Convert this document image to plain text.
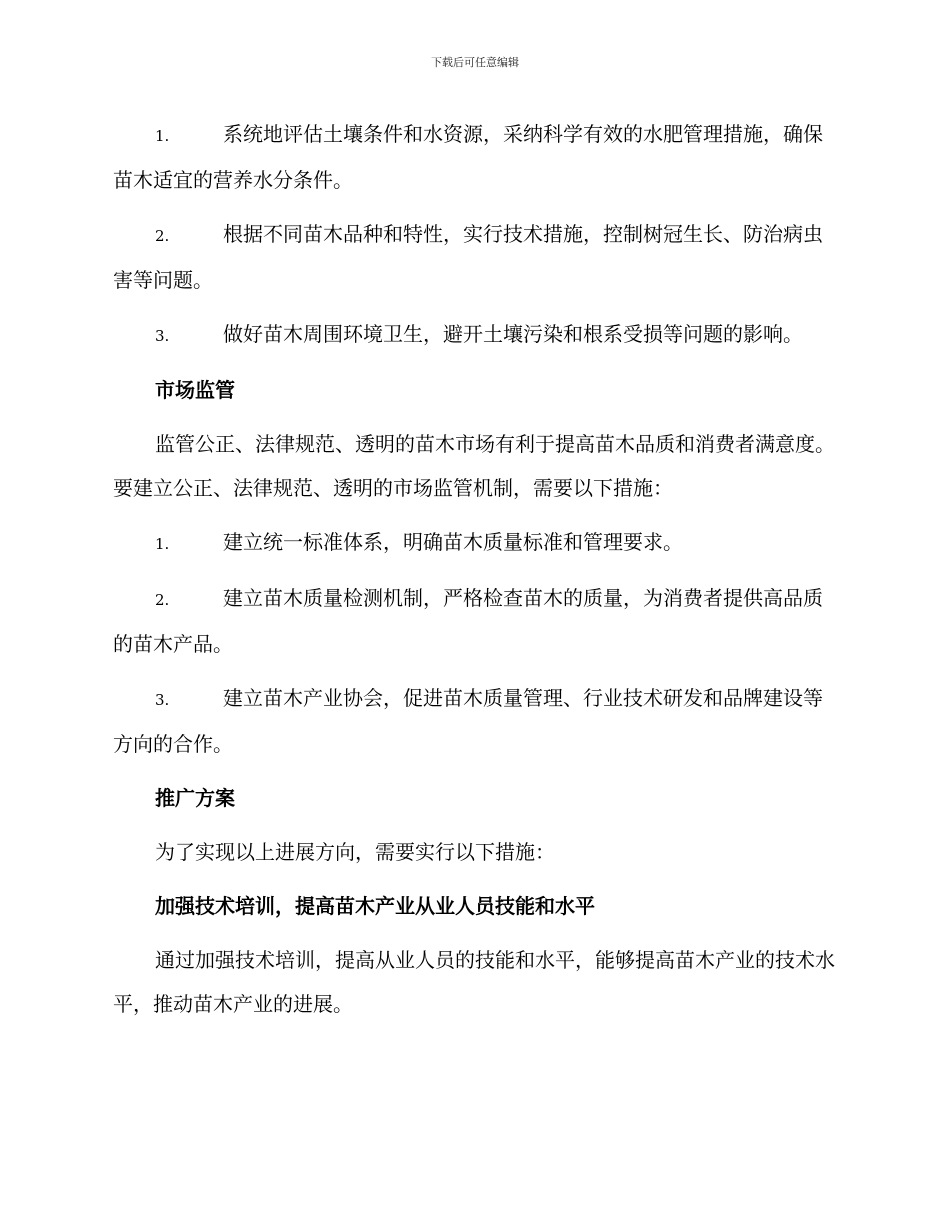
下载后可任意编辑
1.	系统地评估土壤条件和水资源，采纳科学有效的水肥管理措施，确保苗木适宜的营养水分条件。
2.	根据不同苗木品种和特性，实行技术措施，控制树冠生长、防治病虫害等问题。
3.	做好苗木周围环境卫生，避开土壤污染和根系受损等问题的影响。
市场监管
监管公正、法律规范、透明的苗木市场有利于提高苗木品质和消费者满意度。要建立公正、法律规范、透明的市场监管机制，需要以下措施：
1.	建立统一标准体系，明确苗木质量标准和管理要求。
2.	建立苗木质量检测机制，严格检查苗木的质量，为消费者提供高品质的苗木产品。
3.	建立苗木产业协会，促进苗木质量管理、行业技术研发和品牌建设等方向的合作。
推广方案
为了实现以上进展方向，需要实行以下措施：
加强技术培训，提高苗木产业从业人员技能和水平
通过加强技术培训，提高从业人员的技能和水平，能够提高苗木产业的技术水平，推动苗木产业的进展。
